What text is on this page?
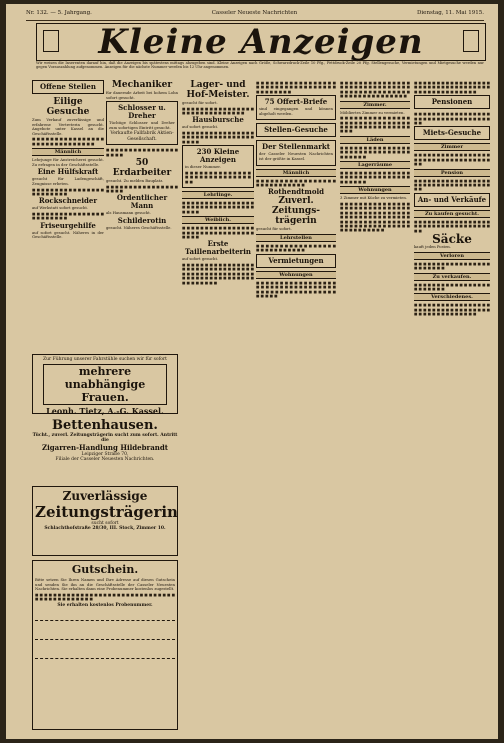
Nr. 132. — 5. Jahrgang.	Casseler Neueste Nachrichten	Dienstag, 11. Mai 1915.
Kleine Anzeigen
Wir weisen die Inserenten darauf hin, daß die Anzeigen bis spätestens mittags abzugeben sind. Kleine Anzeigen nach Größe, Schwarzdruck-Zeile 10 Pfg., Fettdruck-Zeile 20 Pfg. Stellengesuche, Vermietungen und Mietgesuche werden nur gegen Vorauszahlung aufgenommen. Anzeigen für die nächste Nummer werden bis 12 Uhr angenommen.
Offene Stellen
Eilige Gesuche
Zum Verkauf zuverlässige und erfahrene Vertreterin gesucht. Angebote unter Kassel an die Geschäftsstelle.
■ ■ ■ ■ ■ ■ ■ ■ ■ ■ ■ ■ ■ ■ ■ ■ ■ ■ ■ ■ ■ ■ ■ ■ ■ ■ ■ ■ ■ ■
Männlich
Lehrjunge für Anstreicherei gesucht. Zu erfragen in der Geschäftsstelle.
Eine Hülfskraft
gesucht für Ladengeschäft, Zeugnisse erbeten.
■ ■ ■ ■ ■ ■ ■ ■ ■ ■ ■ ■ ■ ■ ■ ■ ■ ■ ■ ■ ■ ■ ■ ■
Rockschneider
auf Werkstatt sofort gesucht.
■ ■ ■ ■ ■ ■ ■ ■ ■ ■ ■ ■ ■ ■ ■ ■ ■ ■ ■ ■ ■ ■ ■ ■
Friseurgehilfe
auf sofort gesucht. Näheres in der Geschäftsstelle.
Mechaniker
für dauernde Arbeit bei hohem Lohn sofort gesucht.
Schlosser u. Dreher
Tüchtige Schlosser und Dreher zum sofortigen Eintritt gesucht.
Verkaufte Fallfabrik Aktien-Gesellschaft.
■ ■ ■ ■ ■ ■ ■ ■ ■ ■ ■ ■ ■ ■ ■ ■ ■ ■ ■ ■
50 Erdarbeiter
gesucht. Zu melden Bauplatz.
■ ■ ■ ■ ■ ■ ■ ■ ■ ■ ■ ■ ■ ■ ■ ■ ■ ■ ■ ■
Ordentlicher Mann
als Hausmann gesucht.
Schilderotin
gesucht. Näheres Geschäftsstelle.
Zur Führung unserer Fahrstühle suchen wir für sofort
mehrere unabhängige Frauen.
Leonh. Tietz, A.-G. Kassel.
Bettenhausen.
Tücht., zuverl. Zeitungsträgerin sucht zum sofort. Antritt die
Zigarren-Handlung Hildebrandt
Leipziger Straße 70,
Filiale der Casseler Neuesten Nachrichten.
Zuverlässige
Zeitungsträgerin
sucht sofort
Schlachthofstraße 28/30, III. Stock, Zimmer 10.
Gutschein.
Bitte setzen Sie Ihren Namen und Ihre Adresse auf diesen Gutschein und senden Sie ihn an die Geschäftsstelle der Casseler Neuesten Nachrichten. Sie erhalten dann eine Probenummer kostenlos zugestellt.
■ ■ ■ ■ ■ ■ ■ ■ ■ ■ ■ ■ ■ ■ ■ ■ ■ ■ ■ ■ ■ ■ ■ ■ ■ ■ ■ ■ ■ ■ ■ ■ ■ ■ ■ ■ ■ ■ ■ ■ ■ ■ ■ ■
Sie erhalten kostenlos Probenummer.
Lager- und Hof-Meister.
gesucht für sofort.
■ ■ ■ ■ ■ ■ ■ ■ ■ ■ ■ ■ ■ ■ ■ ■ ■ ■ ■ ■ ■ ■ ■ ■ ■ ■ ■ ■ ■ ■
Hausbursche
auf sofort gesucht.
■ ■ ■ ■ ■ ■ ■ ■ ■ ■ ■ ■ ■ ■ ■ ■ ■ ■ ■ ■ ■ ■ ■ ■ ■ ■ ■ ■ ■ ■ ■ ■ ■ ■ ■ ■
230 Kleine Anzeigen
in dieser Nummer.
■ ■ ■ ■ ■ ■ ■ ■ ■ ■ ■ ■ ■ ■ ■ ■ ■ ■ ■ ■ ■ ■ ■ ■ ■ ■ ■ ■ ■ ■
Lehrlinge.
■ ■ ■ ■ ■ ■ ■ ■ ■ ■ ■ ■ ■ ■ ■ ■ ■ ■ ■ ■ ■ ■ ■ ■ ■ ■ ■ ■ ■ ■ ■ ■ ■ ■ ■ ■
Weiblich.
■ ■ ■ ■ ■ ■ ■ ■ ■ ■ ■ ■ ■ ■ ■ ■ ■ ■ ■ ■ ■ ■ ■ ■ ■ ■ ■ ■ ■ ■ ■ ■ ■ ■ ■ ■
Erste Taillenarbeiterin
auf sofort gesucht.
■ ■ ■ ■ ■ ■ ■ ■ ■ ■ ■ ■ ■ ■ ■ ■ ■ ■ ■ ■ ■ ■ ■ ■ ■ ■ ■ ■ ■ ■ ■ ■ ■ ■ ■ ■ ■ ■ ■ ■ ■ ■ ■ ■ ■ ■ ■ ■ ■ ■ ■ ■ ■ ■ ■ ■ ■ ■ ■ ■ ■ ■ ■ ■ ■ ■ ■ ■ ■ ■ ■ ■
■ ■ ■ ■ ■ ■ ■ ■ ■ ■ ■ ■ ■ ■ ■ ■ ■ ■ ■ ■ ■ ■ ■ ■ ■ ■ ■ ■ ■ ■ ■ ■ ■ ■ ■ ■ ■ ■ ■ ■ ■ ■
75 Offert-Briefe
sind eingegangen und können abgeholt werden.
Stellen-Gesuche
Der Stellenmarkt
der Casseler Neuesten Nachrichten ist der größte in Kassel.
Männlich
■ ■ ■ ■ ■ ■ ■ ■ ■ ■ ■ ■ ■ ■ ■ ■ ■ ■ ■ ■ ■ ■ ■ ■ ■ ■ ■ ■
Rothendtmold
Zuverl. Zeitungs-trägerin
gesucht für sofort.
Lehrstellen
■ ■ ■ ■ ■ ■ ■ ■ ■ ■ ■ ■ ■ ■ ■ ■ ■ ■ ■ ■ ■ ■ ■ ■ ■ ■ ■ ■
Vermietungen
Wohnungen
■ ■ ■ ■ ■ ■ ■ ■ ■ ■ ■ ■ ■ ■ ■ ■ ■ ■ ■ ■ ■ ■ ■ ■ ■ ■ ■ ■ ■ ■ ■ ■ ■ ■ ■ ■ ■ ■ ■ ■ ■ ■ ■ ■ ■ ■ ■ ■ ■ ■ ■ ■ ■ ■ ■ ■
■ ■ ■ ■ ■ ■ ■ ■ ■ ■ ■ ■ ■ ■ ■ ■ ■ ■ ■ ■ ■ ■ ■ ■ ■ ■ ■ ■ ■ ■ ■ ■ ■ ■ ■ ■ ■ ■ ■ ■ ■ ■ ■ ■ ■ ■ ■ ■ ■ ■ ■ ■ ■ ■ ■ ■ ■ ■ ■ ■
Zimmer.
Möbliertes Zimmer zu vermieten.
■ ■ ■ ■ ■ ■ ■ ■ ■ ■ ■ ■ ■ ■ ■ ■ ■ ■ ■ ■ ■ ■ ■ ■ ■ ■ ■ ■ ■ ■ ■ ■ ■ ■ ■ ■ ■ ■ ■ ■ ■ ■ ■ ■ ■ ■ ■ ■
Läden
■ ■ ■ ■ ■ ■ ■ ■ ■ ■ ■ ■ ■ ■ ■ ■ ■ ■ ■ ■ ■ ■ ■ ■ ■ ■ ■ ■ ■ ■ ■ ■ ■ ■ ■ ■
Lagerräume
■ ■ ■ ■ ■ ■ ■ ■ ■ ■ ■ ■ ■ ■ ■ ■ ■ ■ ■ ■ ■ ■ ■ ■ ■ ■ ■ ■ ■ ■ ■ ■ ■ ■ ■ ■
Wohnungen
3 Zimmer mit Küche zu vermieten.
■ ■ ■ ■ ■ ■ ■ ■ ■ ■ ■ ■ ■ ■ ■ ■ ■ ■ ■ ■ ■ ■ ■ ■ ■ ■ ■ ■ ■ ■ ■ ■ ■ ■ ■ ■ ■ ■ ■ ■ ■ ■ ■ ■ ■ ■ ■ ■ ■ ■ ■ ■ ■ ■ ■ ■ ■ ■ ■ ■ ■ ■ ■ ■ ■ ■ ■ ■ ■ ■ ■ ■ ■ ■ ■ ■ ■ ■ ■ ■ ■ ■ ■ ■ ■ ■ ■ ■ ■ ■ ■ ■ ■ ■ ■ ■ ■ ■ ■ ■
■ ■ ■ ■ ■ ■ ■ ■ ■ ■ ■ ■ ■ ■ ■ ■ ■ ■ ■ ■ ■ ■ ■ ■ ■ ■ ■ ■ ■ ■ ■ ■ ■ ■ ■ ■ ■ ■ ■ ■ ■ ■ ■ ■ ■ ■ ■ ■
Pensionen
■ ■ ■ ■ ■ ■ ■ ■ ■ ■ ■ ■ ■ ■ ■ ■ ■ ■ ■ ■ ■ ■ ■ ■ ■ ■ ■ ■ ■ ■ ■ ■ ■ ■ ■ ■
Miets-Gesuche
Zimmer
■ ■ ■ ■ ■ ■ ■ ■ ■ ■ ■ ■ ■ ■ ■ ■ ■ ■ ■ ■ ■ ■ ■ ■ ■ ■ ■ ■ ■ ■ ■ ■ ■ ■ ■ ■
Pension
■ ■ ■ ■ ■ ■ ■ ■ ■ ■ ■ ■ ■ ■ ■ ■ ■ ■ ■ ■ ■ ■ ■ ■ ■ ■ ■ ■ ■ ■ ■ ■ ■ ■ ■ ■
An- und Verkäufe
Zu kaufen gesucht.
■ ■ ■ ■ ■ ■ ■ ■ ■ ■ ■ ■ ■ ■ ■ ■ ■ ■ ■ ■ ■ ■ ■ ■ ■ ■ ■ ■ ■ ■ ■ ■ ■ ■ ■ ■
Säcke
kauft jeden Posten.
Verloren
■ ■ ■ ■ ■ ■ ■ ■ ■ ■ ■ ■ ■ ■ ■ ■ ■ ■ ■ ■ ■ ■ ■ ■
Zu verkaufen.
■ ■ ■ ■ ■ ■ ■ ■ ■ ■ ■ ■ ■ ■ ■ ■ ■ ■ ■ ■ ■ ■ ■ ■
Verschiedenes.
■ ■ ■ ■ ■ ■ ■ ■ ■ ■ ■ ■ ■ ■ ■ ■ ■ ■ ■ ■ ■ ■ ■ ■ ■ ■ ■ ■ ■ ■ ■ ■ ■ ■ ■ ■ ■ ■ ■ ■ ■ ■ ■ ■ ■ ■ ■ ■
